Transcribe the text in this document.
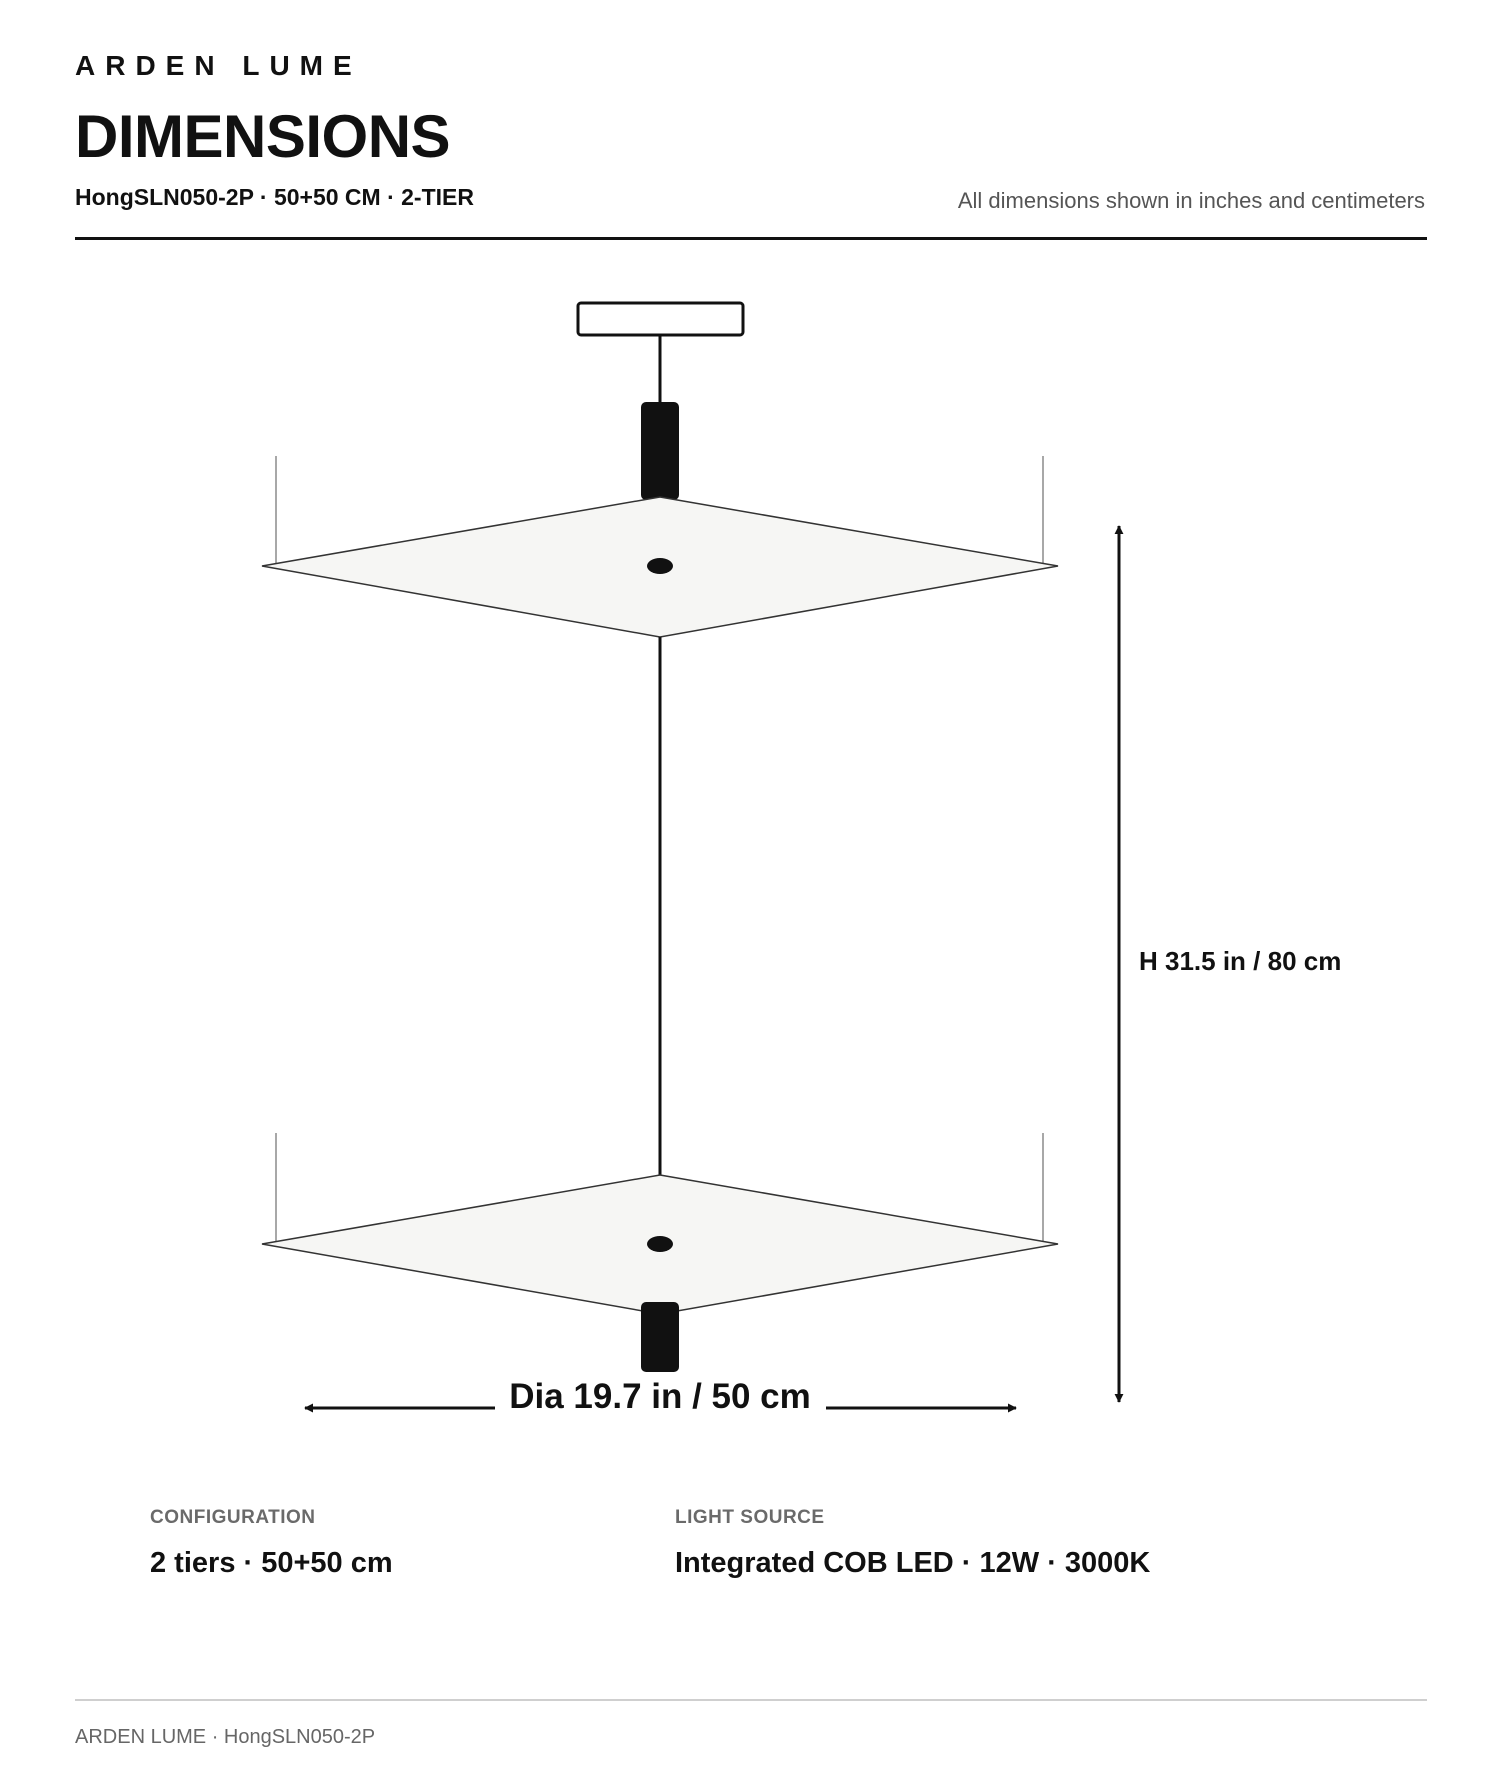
ARDEN LUME
DIMENSIONS
HongSLN050-2P · 50+50 CM · 2-TIER	All dimensions shown in inches and centimeters
H 31.5 in / 80 cm
Dia 19.7 in / 50 cm
CONFIGURATION
2 tiers · 50+50 cm
LIGHT SOURCE
Integrated COB LED · 12W · 3000K
ARDEN LUME · HongSLN050-2P
